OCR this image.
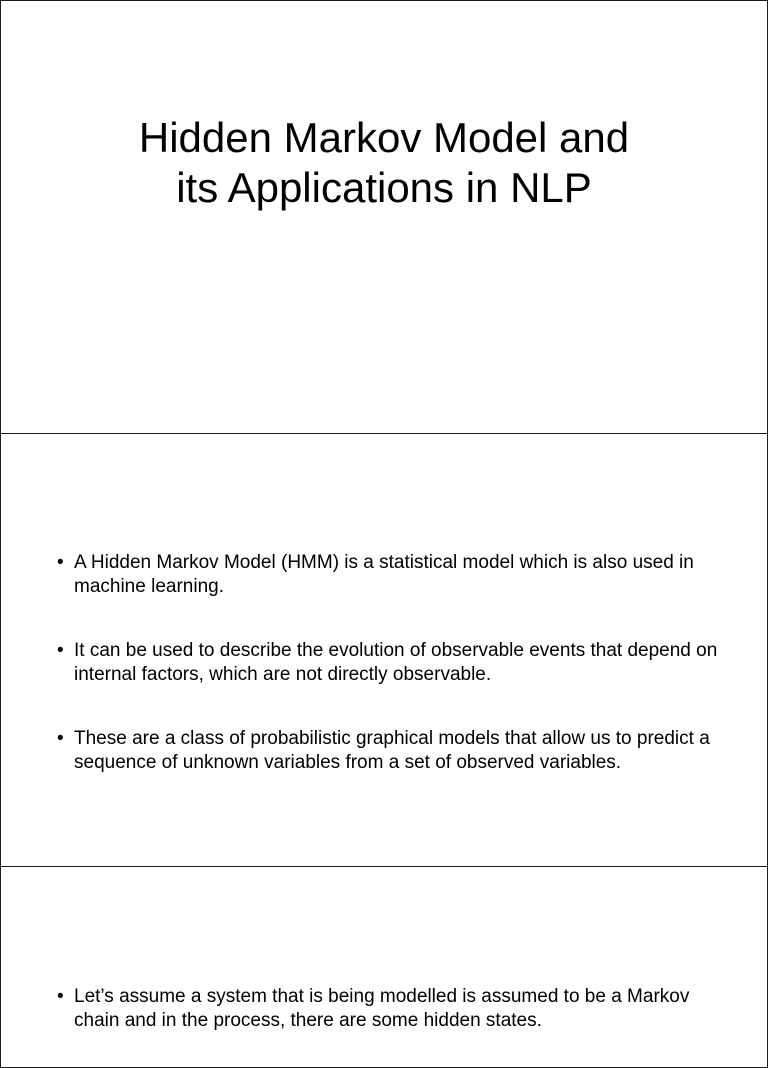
Hidden Markov Model and
its Applications in NLP
• A Hidden Markov Model (HMM) is a statistical model which is also used in machine learning.
• It can be used to describe the evolution of observable events that depend on internal factors, which are not directly observable.
• These are a class of probabilistic graphical models that allow us to predict a sequence of unknown variables from a set of observed variables.
• Let’s assume a system that is being modelled is assumed to be a Markov chain and in the process, there are some hidden states.
